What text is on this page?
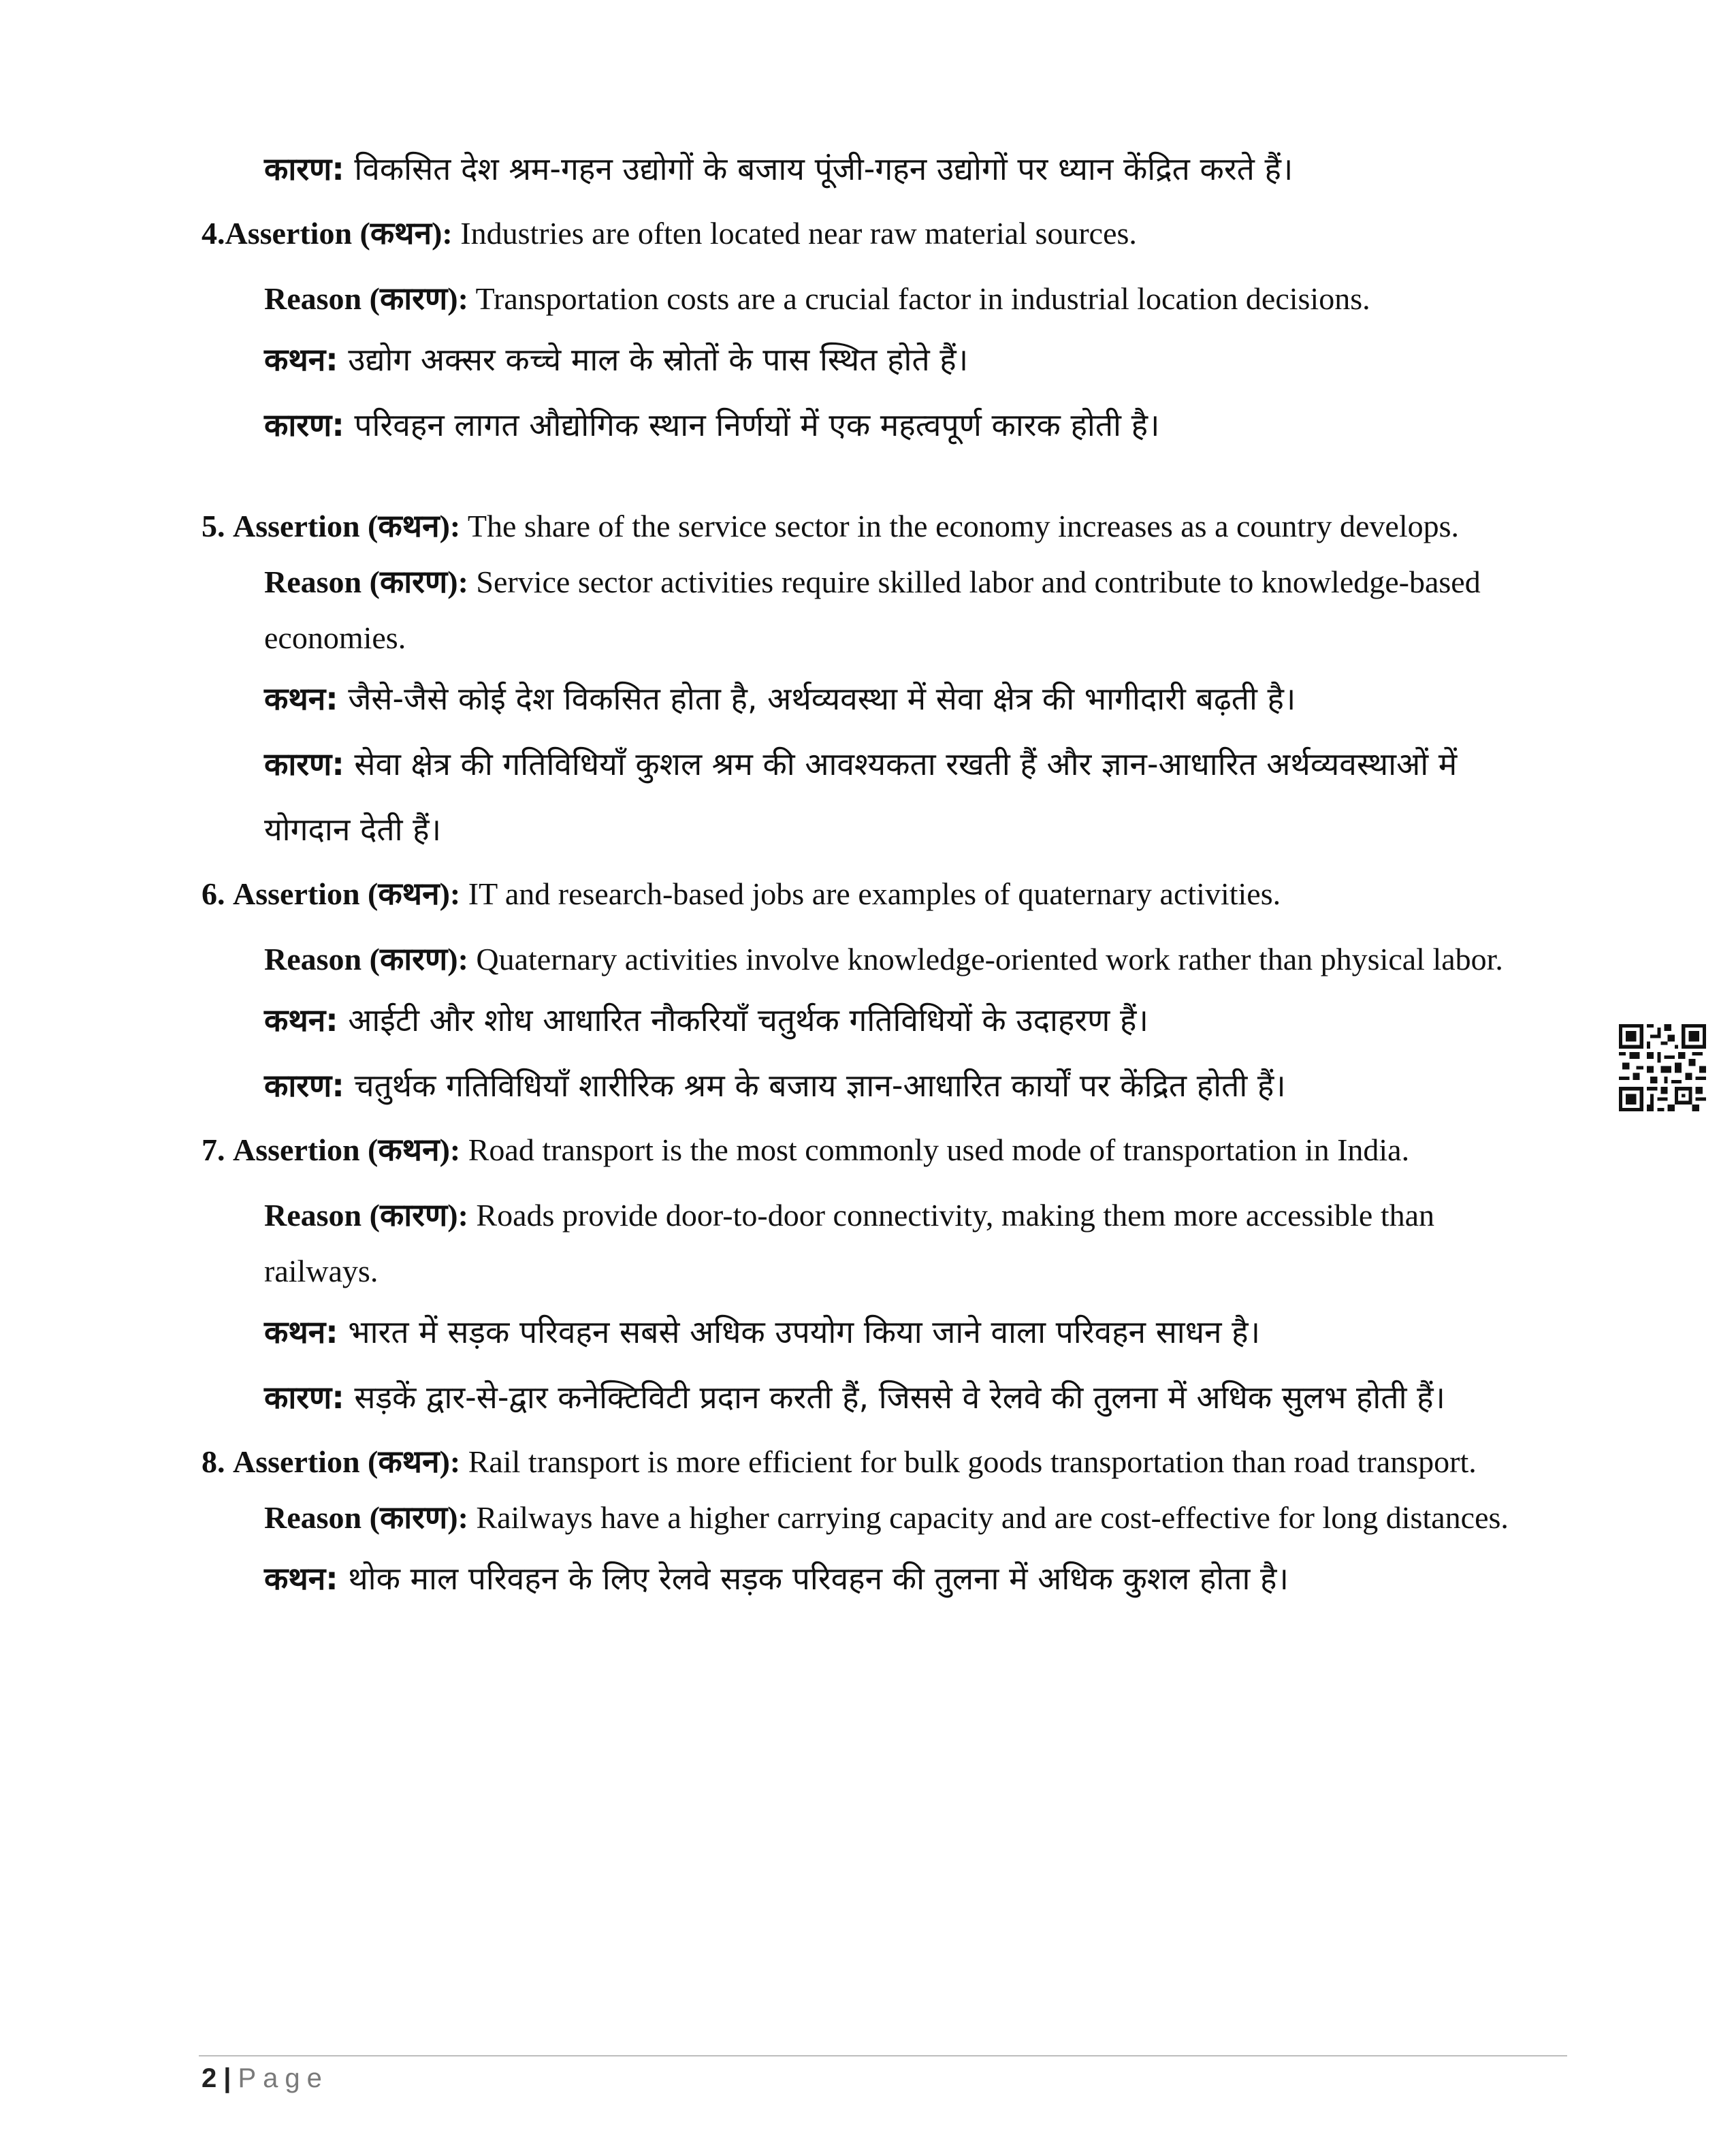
कारण: विकसित देश श्रम-गहन उद्योगों के बजाय पूंजी-गहन उद्योगों पर ध्यान केंद्रित करते हैं।
4.Assertion (कथन): Industries are often located near raw material sources.
Reason (कारण): Transportation costs are a crucial factor in industrial location decisions.
कथन: उद्योग अक्सर कच्चे माल के स्रोतों के पास स्थित होते हैं।
कारण: परिवहन लागत औद्योगिक स्थान निर्णयों में एक महत्वपूर्ण कारक होती है।
5. Assertion (कथन): The share of the service sector in the economy increases as a country develops.
Reason (कारण): Service sector activities require skilled labor and contribute to knowledge-based economies.
कथन: जैसे-जैसे कोई देश विकसित होता है, अर्थव्यवस्था में सेवा क्षेत्र की भागीदारी बढ़ती है।
कारण: सेवा क्षेत्र की गतिविधियाँ कुशल श्रम की आवश्यकता रखती हैं और ज्ञान-आधारित अर्थव्यवस्थाओं में योगदान देती हैं।
6. Assertion (कथन): IT and research-based jobs are examples of quaternary activities.
Reason (कारण): Quaternary activities involve knowledge-oriented work rather than physical labor.
कथन: आईटी और शोध आधारित नौकरियाँ चतुर्थक गतिविधियों के उदाहरण हैं।
कारण: चतुर्थक गतिविधियाँ शारीरिक श्रम के बजाय ज्ञान-आधारित कार्यों पर केंद्रित होती हैं।
7. Assertion (कथन): Road transport is the most commonly used mode of transportation in India.
Reason (कारण): Roads provide door-to-door connectivity, making them more accessible than railways.
कथन: भारत में सड़क परिवहन सबसे अधिक उपयोग किया जाने वाला परिवहन साधन है।
कारण: सड़कें द्वार-से-द्वार कनेक्टिविटी प्रदान करती हैं, जिससे वे रेलवे की तुलना में अधिक सुलभ होती हैं।
8. Assertion (कथन): Rail transport is more efficient for bulk goods transportation than road transport.
Reason (कारण): Railways have a higher carrying capacity and are cost-effective for long distances.
कथन: थोक माल परिवहन के लिए रेलवे सड़क परिवहन की तुलना में अधिक कुशल होता है।
2 | Page
